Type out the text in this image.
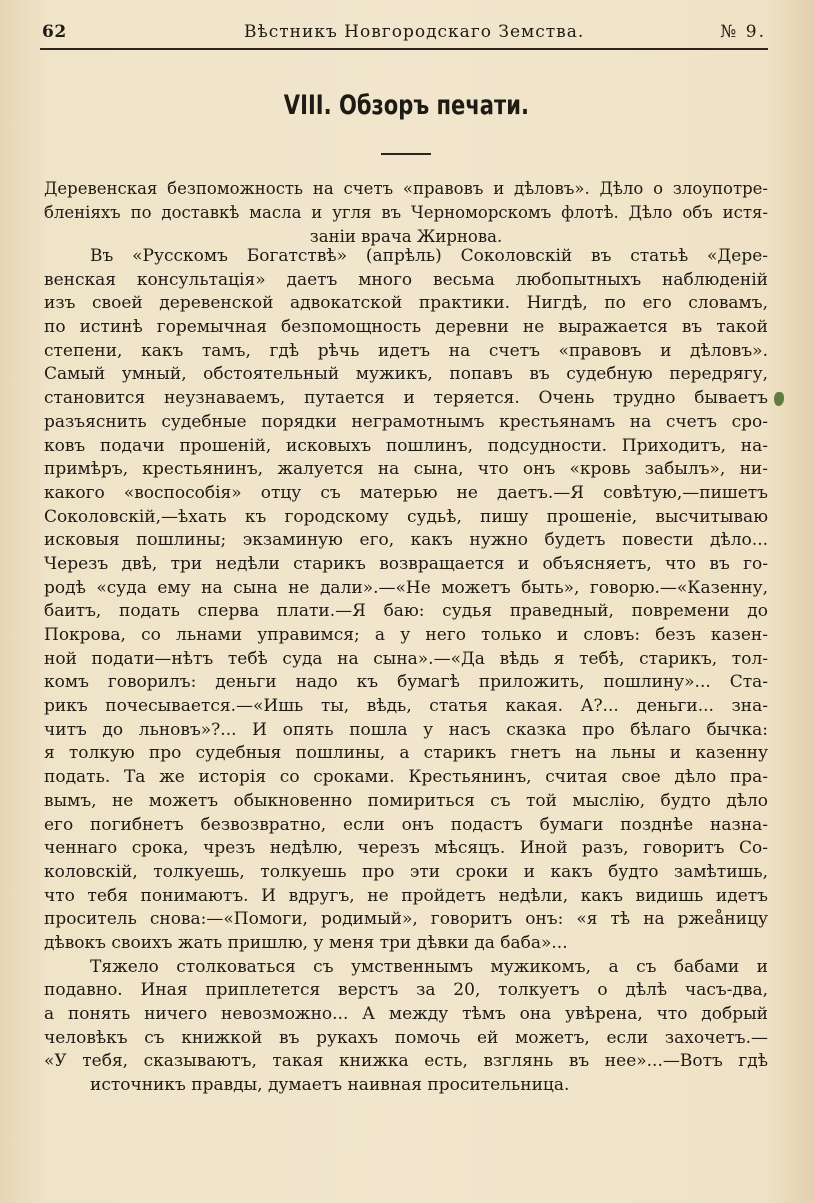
62	Вѣстникъ Новгородскаго Земства.	№ 9.
VIII. Обзоръ печати.
Деревенская безпоможность на счетъ «правовъ и дѣловъ». Дѣло о злоупотре-
бленіяхъ по доставкѣ масла и угля въ Черноморскомъ флотѣ. Дѣло объ истя-
заніи врача Жирнова.
Въ «Русскомъ Богатствѣ» (апрѣль) Соколовскій въ статьѣ «Дере-
венская консультація» даетъ много весьма любопытныхъ наблюденій
изъ своей деревенской адвокатской практики. Нигдѣ, по его словамъ,
по истинѣ горемычная безпомощность деревни не выражается въ такой
степени, какъ тамъ, гдѣ рѣчь идетъ на счетъ «правовъ и дѣловъ».
Самый умный, обстоятельный мужикъ, попавъ въ судебную передрягу,
становится неузнаваемъ, путается и теряется. Очень трудно бываетъ
разъяснить судебные порядки неграмотнымъ крестьянамъ на счетъ сро-
ковъ подачи прошеній, исковыхъ пошлинъ, подсудности. Приходитъ, на-
примѣръ, крестьянинъ, жалуется на сына, что онъ «кровь забылъ», ни-
какого «воспособія» отцу съ матерью не даетъ.—Я совѣтую,—пишетъ
Соколовскій,—ѣхать къ городскому судьѣ, пишу прошеніе, высчитываю
исковыя пошлины; экзаминую его, какъ нужно будетъ повести дѣло...
Черезъ двѣ, три недѣли старикъ возвращается и объясняетъ, что въ го-
родѣ «суда ему на сына не дали».—«Не можетъ быть», говорю.—«Казенну,
баитъ, подать сперва плати.—Я баю: судья праведный, повремени до
Покрова, со льнами управимся; а у него только и словъ: безъ казен-
ной подати—нѣтъ тебѣ суда на сына».—«Да вѣдь я тебѣ, старикъ, тол-
комъ говорилъ: деньги надо къ бумагѣ приложить, пошлину»... Ста-
рикъ почесывается.—«Ишь ты, вѣдь, статья какая. А?... деньги... зна-
читъ до льновъ»?... И опять пошла у насъ сказка про бѣлаго бычка:
я толкую про судебныя пошлины, а старикъ гнетъ на льны и казенну
подать. Та же исторія со сроками. Крестьянинъ, считая свое дѣло пра-
вымъ, не можетъ обыкновенно помириться съ той мыслію, будто дѣло
его погибнетъ безвозвратно, если онъ подастъ бумаги позднѣе назна-
ченнаго срока, чрезъ недѣлю, черезъ мѣсяцъ. Иной разъ, говоритъ Со-
коловскій, толкуешь, толкуешь про эти сроки и какъ будто замѣтишь,
что тебя понимаютъ. И вдругъ, не пройдетъ недѣли, какъ видишь идетъ
проситель снова:—«Помоги, родимый», говоритъ онъ: «я тѣ на ржеåницу
дѣвокъ своихъ жать пришлю, у меня три дѣвки да баба»...
Тяжело столковаться съ умственнымъ мужикомъ, а съ бабами и
подавно. Иная приплетется верстъ за 20, толкуетъ о дѣлѣ часъ-два,
а понять ничего невозможно... А между тѣмъ она увѣрена, что добрый
человѣкъ съ книжкой въ рукахъ помочь ей можетъ, если захочетъ.—
«У тебя, сказываютъ, такая книжка есть, взглянь въ нее»...—Вотъ гдѣ
источникъ правды, думаетъ наивная просительница.
